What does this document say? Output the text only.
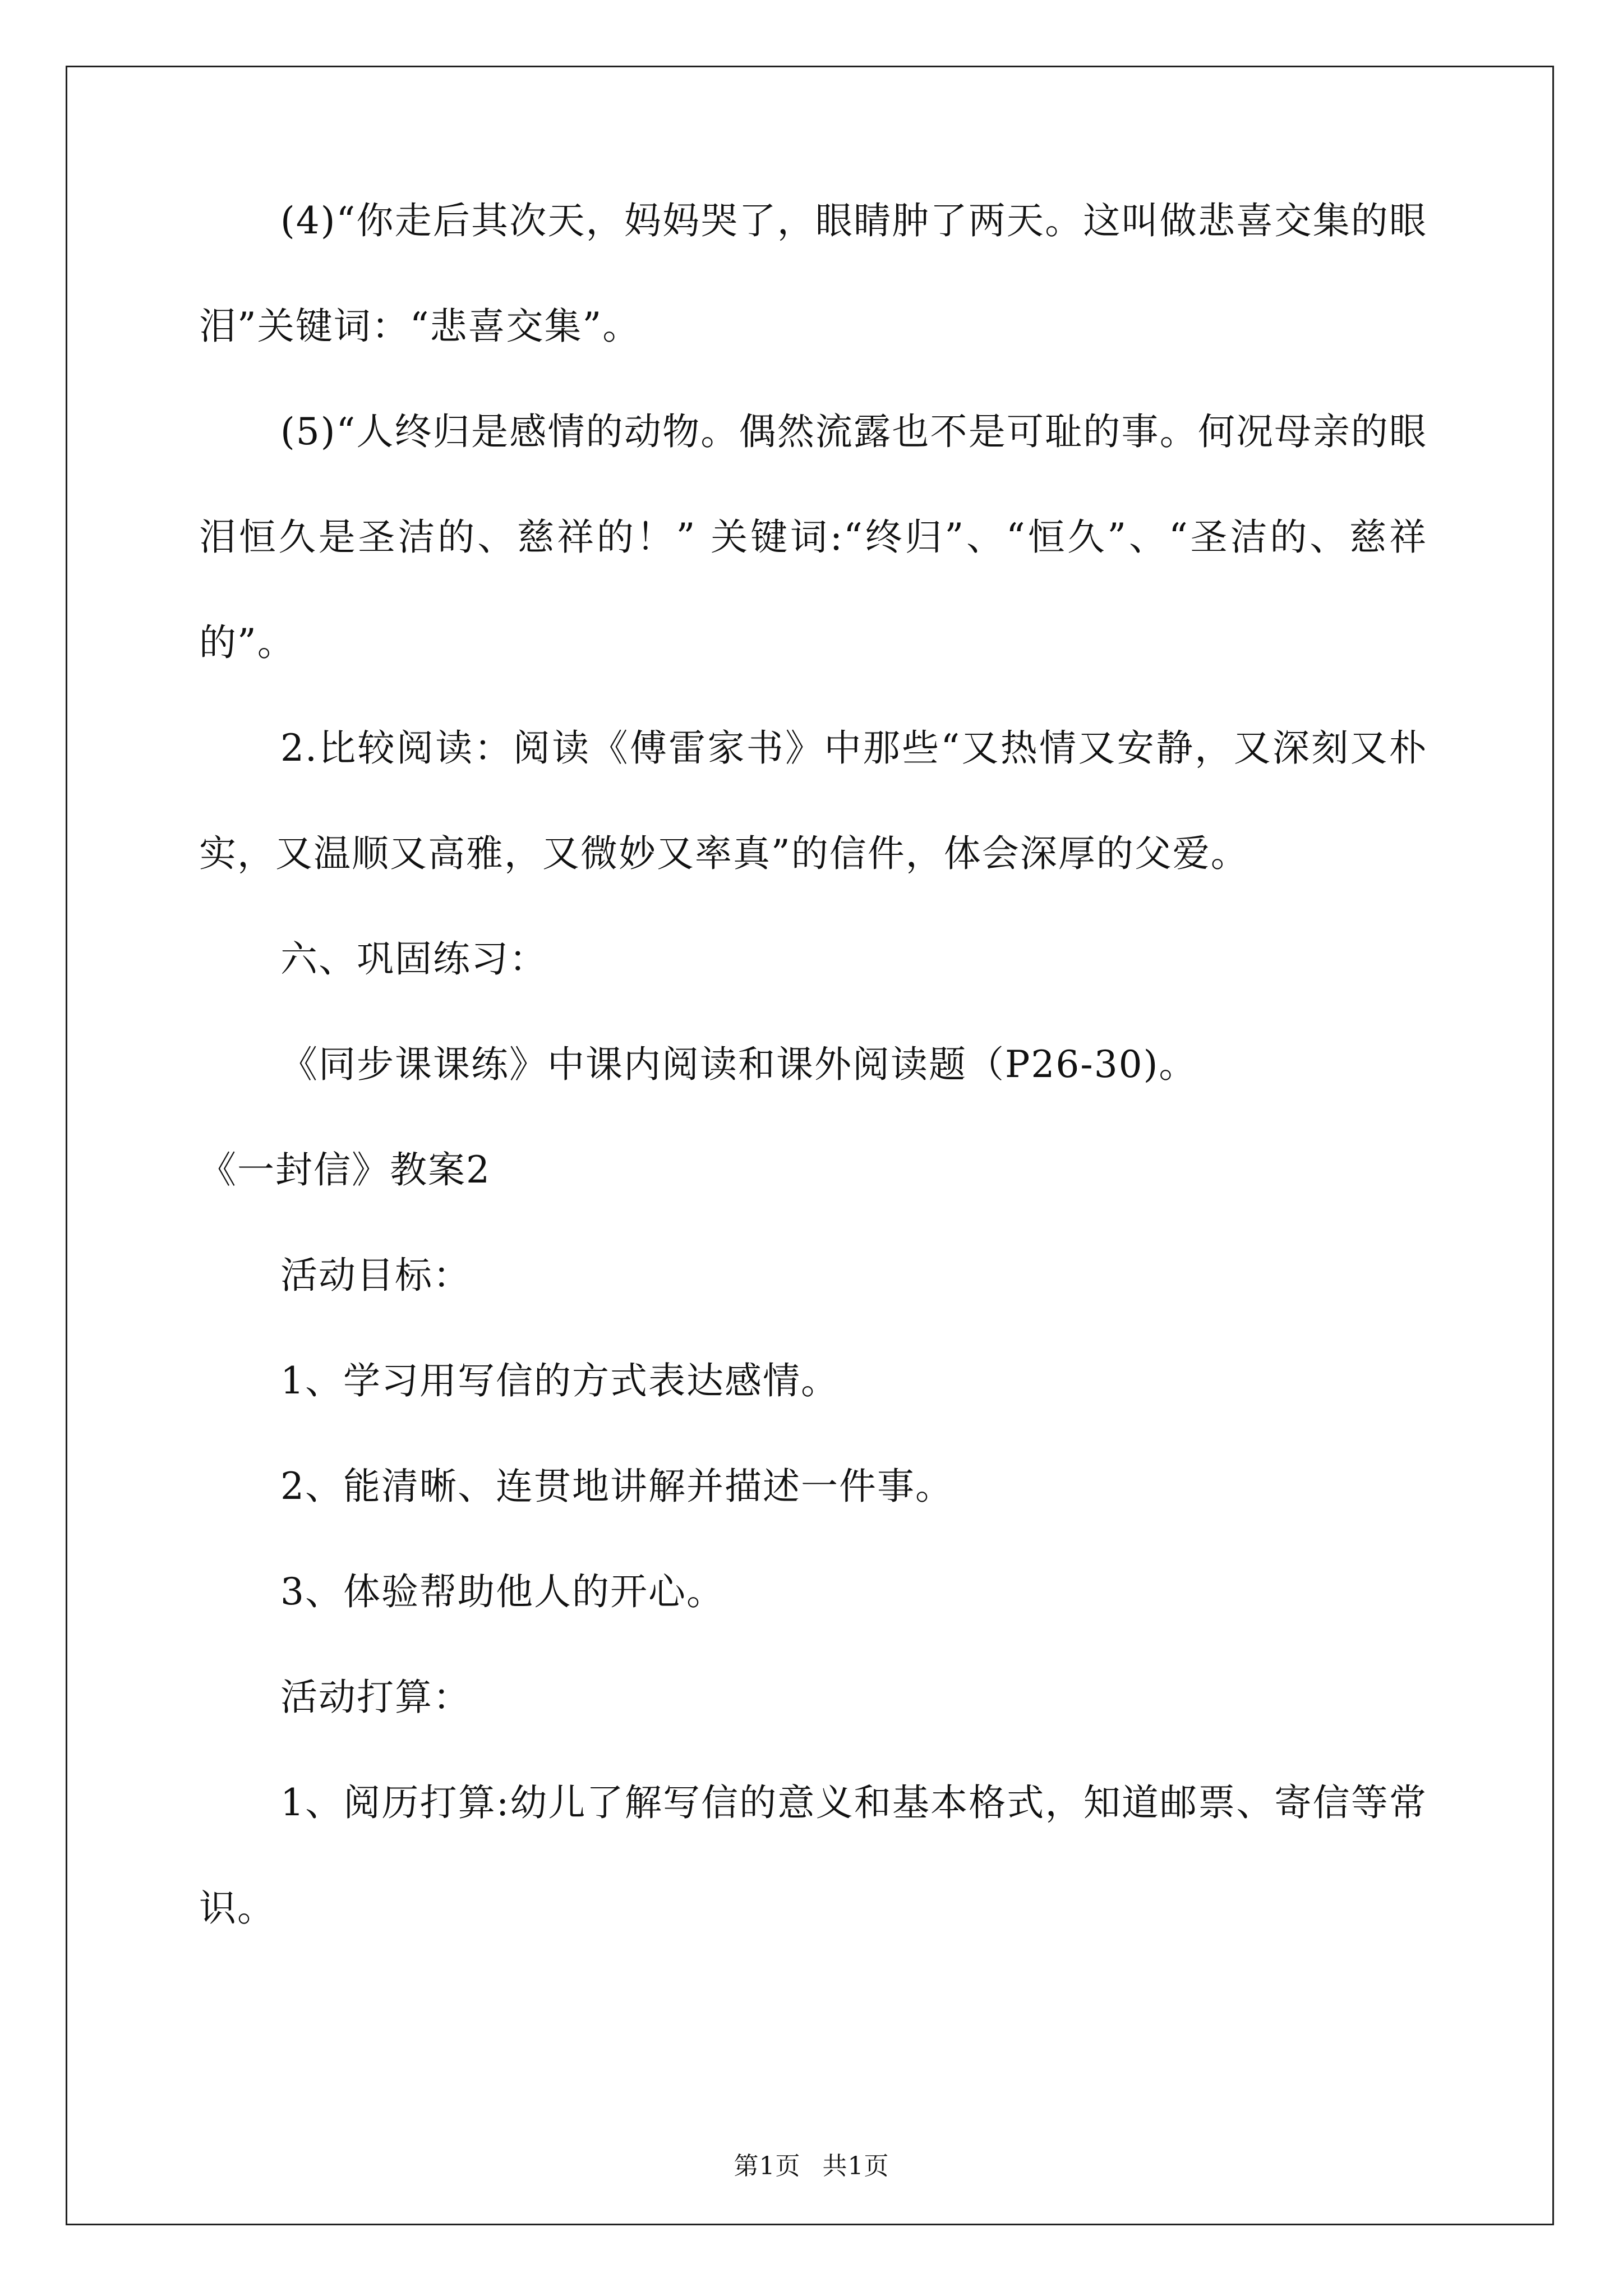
(4)“你走后其次天，妈妈哭了，眼睛肿了两天。这叫做悲喜交集的眼泪”关键词：“悲喜交集”。

(5)“人终归是感情的动物。偶然流露也不是可耻的事。何况母亲的眼泪恒久是圣洁的、慈祥的！” 关键词:“终归”、“恒久”、“圣洁的、慈祥的”。

2.比较阅读：阅读《傅雷家书》中那些“又热情又安静，又深刻又朴实，又温顺又高雅，又微妙又率真”的信件，体会深厚的父爱。

六、巩固练习：

《同步课课练》中课内阅读和课外阅读题（P26-30)。

《一封信》教案2

活动目标：

1、学习用写信的方式表达感情。

2、能清晰、连贯地讲解并描述一件事。

3、体验帮助他人的开心。

活动打算：

1、阅历打算:幼儿了解写信的意义和基本格式，知道邮票、寄信等常识。

第1页 共1页
